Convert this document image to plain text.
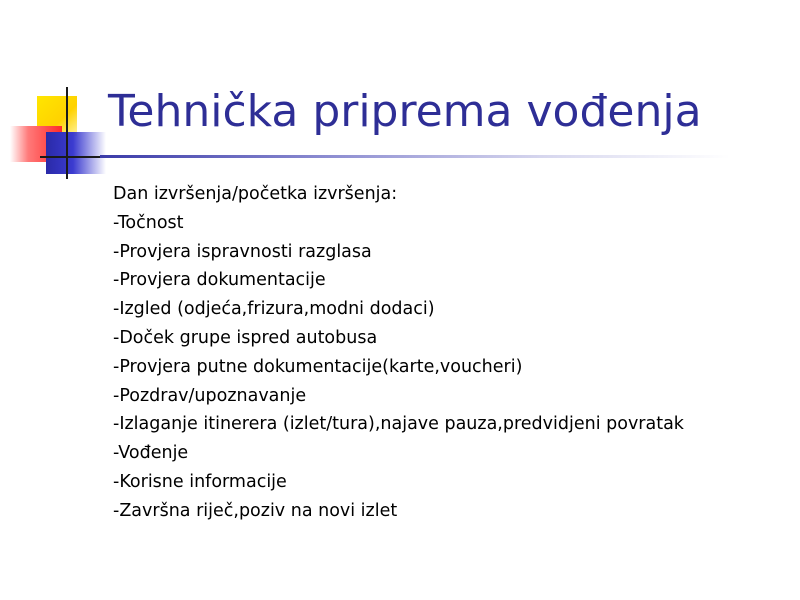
Tehnička priprema vođenja
Dan izvršenja/početka izvršenja:
-Točnost
-Provjera ispravnosti razglasa
-Provjera dokumentacije
-Izgled (odjeća,frizura,modni dodaci)
-Doček grupe ispred autobusa
-Provjera putne dokumentacije(karte,voucheri)
-Pozdrav/upoznavanje
-Izlaganje itinerera (izlet/tura),najave pauza,predvidjeni povratak
-Vođenje
-Korisne informacije
-Završna riječ,poziv na novi izlet
